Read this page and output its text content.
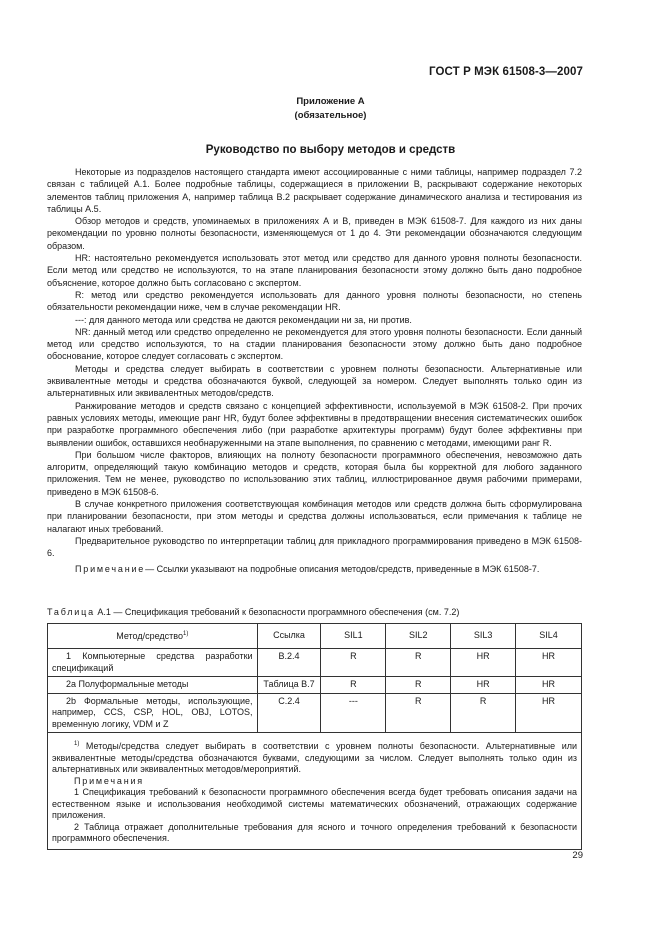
ГОСТ Р МЭК 61508-3—2007
Приложение А
(обязательное)
Руководство по выбору методов и средств

Некоторые из подразделов настоящего стандарта имеют ассоциированные с ними таблицы, например подраздел 7.2 связан с таблицей А.1. Более подробные таблицы, содержащиеся в приложении В, раскрывают содержание некоторых элементов таблиц приложения А, например таблица В.2 раскрывает содержание динамического анализа и тестирования из таблицы А.5.

Обзор методов и средств, упоминаемых в приложениях А и В, приведен в МЭК 61508-7. Для каждого из них даны рекомендации по уровню полноты безопасности, изменяющемуся от 1 до 4. Эти рекомендации обозначаются следующим образом.

HR: настоятельно рекомендуется использовать этот метод или средство для данного уровня полноты безопасности. Если метод или средство не используются, то на этапе планирования безопасности этому должно быть дано подробное объяснение, которое должно быть согласовано с экспертом.

R: метод или средство рекомендуется использовать для данного уровня полноты безопасности, но степень обязательности рекомендации ниже, чем в случае рекомендации HR.

---: для данного метода или средства не даются рекомендации ни за, ни против.

NR: данный метод или средство определенно не рекомендуется для этого уровня полноты безопасности. Если данный метод или средство используются, то на стадии планирования безопасности этому должно быть дано подробное обоснование, которое следует согласовать с экспертом.

Методы и средства следует выбирать в соответствии с уровнем полноты безопасности. Альтернативные или эквивалентные методы и средства обозначаются буквой, следующей за номером. Следует выполнять только один из альтернативных или эквивалентных методов/средств.

Ранжирование методов и средств связано с концепцией эффективности, используемой в МЭК 61508-2. При прочих равных условиях методы, имеющие ранг HR, будут более эффективны в предотвращении внесения систематических ошибок при разработке программного обеспечения либо (при разработке архитектуры программ) будут более эффективны при выявлении ошибок, оставшихся необнаруженными на этапе выполнения, по сравнению с методами, имеющими ранг R.

При большом числе факторов, влияющих на полноту безопасности программного обеспечения, невозможно дать алгоритм, определяющий такую комбинацию методов и средств, которая была бы корректной для любого заданного приложения. Тем не менее, руководство по использованию этих таблиц, иллюстрированное двумя рабочими примерами, приведено в МЭК 61508-6.

В случае конкретного приложения соответствующая комбинация методов или средств должна быть сформулирована при планировании безопасности, при этом методы и средства должны использоваться, если примечания к таблице не налагают иных требований.

Предварительное руководство по интерпретации таблиц для прикладного программирования приведено в МЭК 61508-6.

Примечание— Ссылки указывают на подробные описания методов/средств, приведенные в МЭК 61508-7.

Таблица А.1 — Спецификация требований к безопасности программного обеспечения (см. 7.2)
Метод/средство$^{1)}$	Ссылка	SIL1	SIL2	SIL3	SIL4
1 Компьютерные средства разработки спецификаций	В.2.4	R	R	HR	HR
2a Полуформальные методы	Таблица В.7	R	R	HR	HR
2b Формальные методы, использующие, например, CCS, CSP, HOL, OBJ, LOTOS, временную логику, VDM и Z	С.2.4	---	R	R	HR

$^{1)}$ Методы/средства следует выбирать в соответствии с уровнем полноты безопасности. Альтернативные или эквивалентные методы/средства обозначаются буквами, следующими за числом. Следует выполнять только один из альтернативных или эквивалентных методов/мероприятий.

Примечания

1 Спецификация требований к безопасности программного обеспечения всегда будет требовать описания задачи на естественном языке и использования необходимой системы математических обозначений, отражающих содержание приложения.

2 Таблица отражает дополнительные требования для ясного и точного определения требований к безопасности программного обеспечения.					

29
